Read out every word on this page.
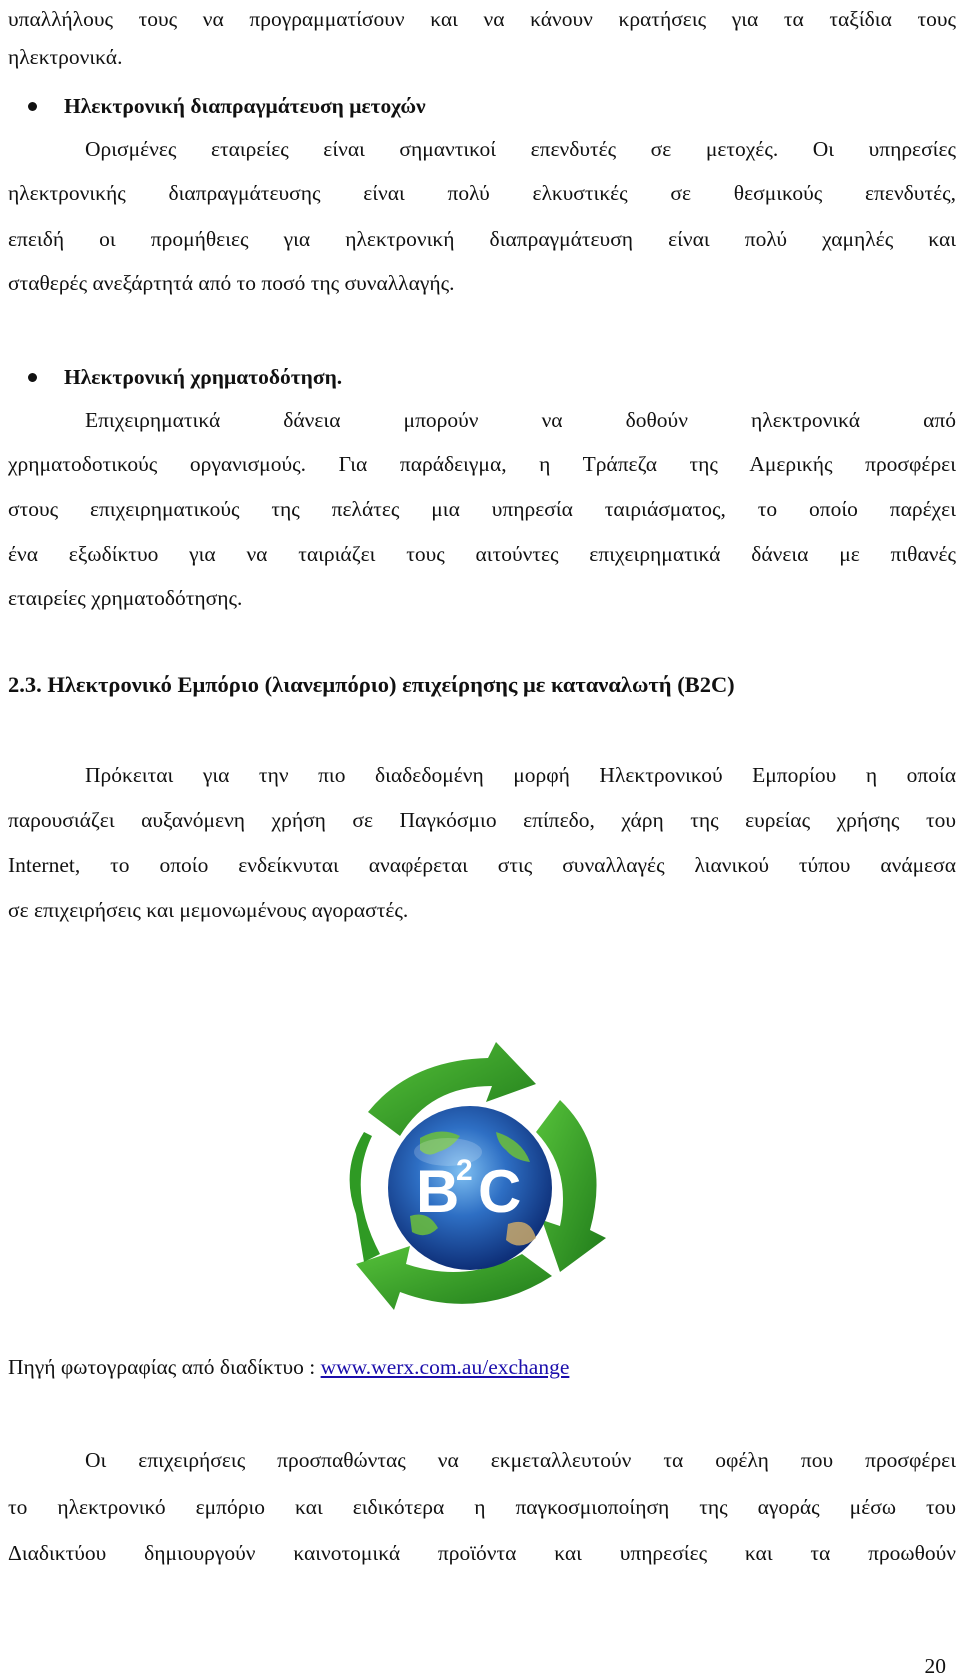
υπαλλήλους τους να προγραμματίσουν και να κάνουν κρατήσεις για τα ταξίδια τους
ηλεκτρονικά.
Ηλεκτρονική διαπραγμάτευση μετοχών
Ορισμένες εταιρείες είναι σημαντικοί επενδυτές σε μετοχές. Οι υπηρεσίες
ηλεκτρονικής διαπραγμάτευσης είναι πολύ ελκυστικές σε θεσμικούς επενδυτές,
επειδή οι προμήθειες για ηλεκτρονική διαπραγμάτευση είναι πολύ χαμηλές και
σταθερές ανεξάρτητά από το ποσό της συναλλαγής.
Ηλεκτρονική χρηματοδότηση.
Επιχειρηματικά δάνεια μπορούν να δοθούν ηλεκτρονικά από
χρηματοδοτικούς οργανισμούς. Για παράδειγμα, η Τράπεζα της Αμερικής προσφέρει
στους επιχειρηματικούς της πελάτες μια υπηρεσία ταιριάσματος, το οποίο παρέχει
ένα εξωδίκτυο για να ταιριάζει τους αιτούντες επιχειρηματικά δάνεια με πιθανές
εταιρείες χρηματοδότησης.
2.3. Ηλεκτρονικό Εμπόριο (λιανεμπόριο) επιχείρησης με καταναλωτή (B2C)
Πρόκειται για την πιο διαδεδομένη μορφή Ηλεκτρονικού Εμπορίου η οποία
παρουσιάζει αυξανόμενη χρήση σε Παγκόσμιο επίπεδο, χάρη της ευρείας χρήσης του
Internet, το οποίο ενδείκνυται αναφέρεται στις συναλλαγές λιανικού τύπου ανάμεσα
σε επιχειρήσεις και μεμονωμένους αγοραστές.
B
2 C
Πηγή φωτογραφίας από διαδίκτυο : www.werx.com.au/exchange
Οι επιχειρήσεις προσπαθώντας να εκμεταλλευτούν τα οφέλη που προσφέρει
το ηλεκτρονικό εμπόριο και ειδικότερα η παγκοσμιοποίηση της αγοράς μέσω του
Διαδικτύου δημιουργούν καινοτομικά προϊόντα και υπηρεσίες και τα προωθούν
20
